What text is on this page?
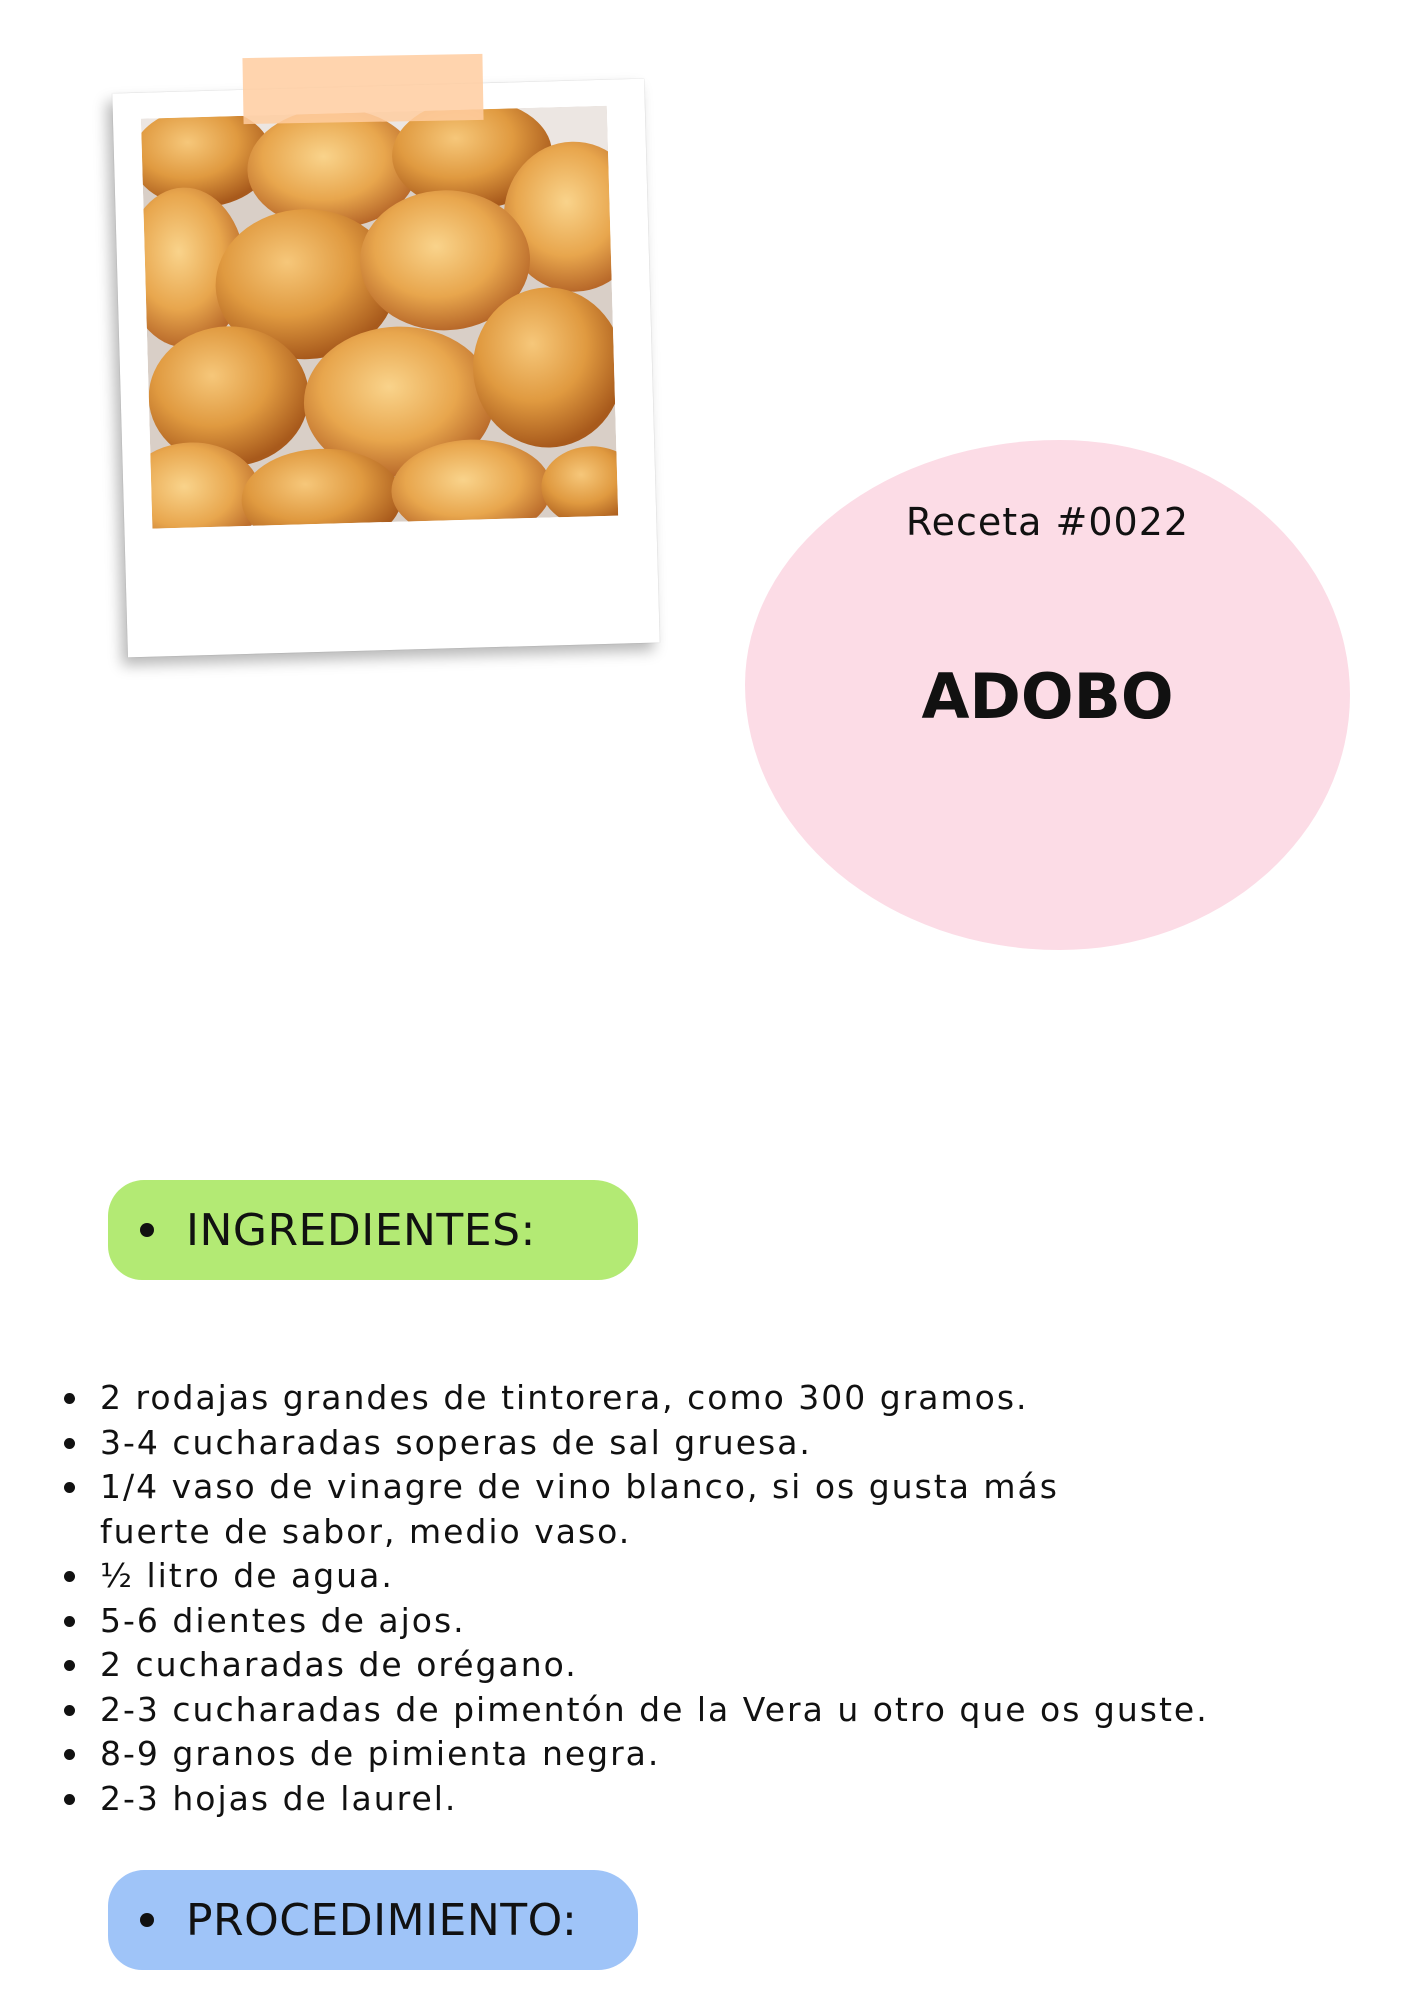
Receta #0022
ADOBO
INGREDIENTES:
2 rodajas grandes de tintorera, como 300 gramos.
3-4 cucharadas soperas de sal gruesa.
1/4 vaso de vinagre de vino blanco, si os gusta más fuerte de sabor, medio vaso.
½ litro de agua.
5-6 dientes de ajos.
2 cucharadas de orégano.
2-3 cucharadas de pimentón de la Vera u otro que os guste.
8-9 granos de pimienta negra.
2-3 hojas de laurel.
PROCEDIMIENTO:
